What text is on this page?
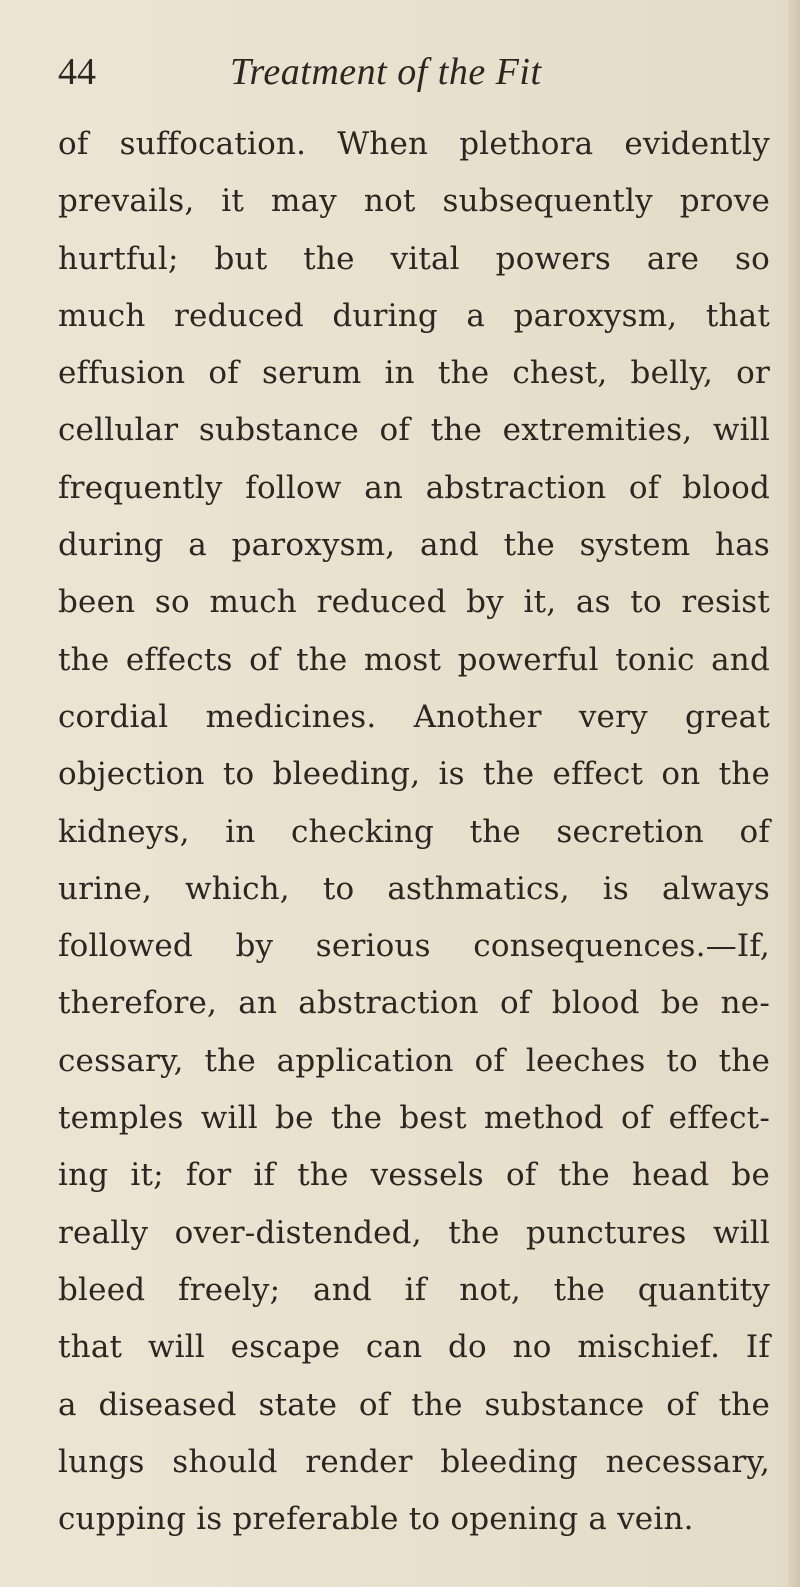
44	Treatment of the Fit
of suffocation. When plethora evidently
prevails, it may not subsequently prove
hurtful; but the vital powers are so
much reduced during a paroxysm, that
effusion of serum in the chest, belly, or
cellular substance of the extremities, will
frequently follow an abstraction of blood
during a paroxysm, and the system has
been so much reduced by it, as to resist
the effects of the most powerful tonic and
cordial medicines. Another very great
objection to bleeding, is the effect on the
kidneys, in checking the secretion of
urine, which, to asthmatics, is always
followed by serious consequences.—If,
therefore, an abstraction of blood be ne-
cessary, the application of leeches to the
temples will be the best method of effect-
ing it; for if the vessels of the head be
really over-distended, the punctures will
bleed freely; and if not, the quantity
that will escape can do no mischief. If
a diseased state of the substance of the
lungs should render bleeding necessary,
cupping is preferable to opening a vein.
